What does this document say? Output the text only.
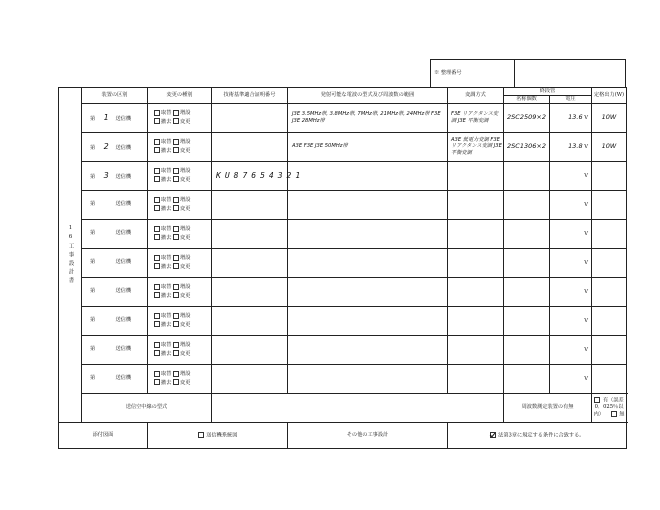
※ 整理番号	
16工事設計書	装置の区別	変更の種別	技術基準適合証明番号	発射可能な電波の型式及び周波数の範囲	変調方式	終段管		定格出力(W)
						名称個数	電圧	
	第 1 送信機	取替 増設
撤去 変更		J3E 3.5MHz帯, 3.8MHz帯, 7MHz帯, 21MHz帯, 24MHz帯 F3E J3E 28MHz帯	F3E リアクタンス変調 J3E 平衡変調	2SC2509×2	13.6 V	10W
	第 2 送信機	取替 増設
撤去 変更		A3E F3E J3E 50MHz帯	A3E 低電力変調 F3E リアクタンス変調 J3E 平衡変調	2SC1306×2	13.8 V	10W
	第 3 送信機	取替 増設
撤去 変更	KU87654321				V	
	第 送信機	取替 増設
撤去 変更					V	
	第 送信機	取替 増設
撤去 変更					V	
	第 送信機	取替 増設
撤去 変更					V	
	第 送信機	取替 増設
撤去 変更					V	
	第 送信機	取替 増設
撤去 変更					V	
	第 送信機	取替 増設
撤去 変更					V	
	第 送信機	取替 増設
撤去 変更					V	
	送信空中線の型式					周波数測定装置の有無		有（誤差0．025％以内） 無
添付図面		送信機系統図		その他の工事設計	法第3章に規定する条件に合致する。			
